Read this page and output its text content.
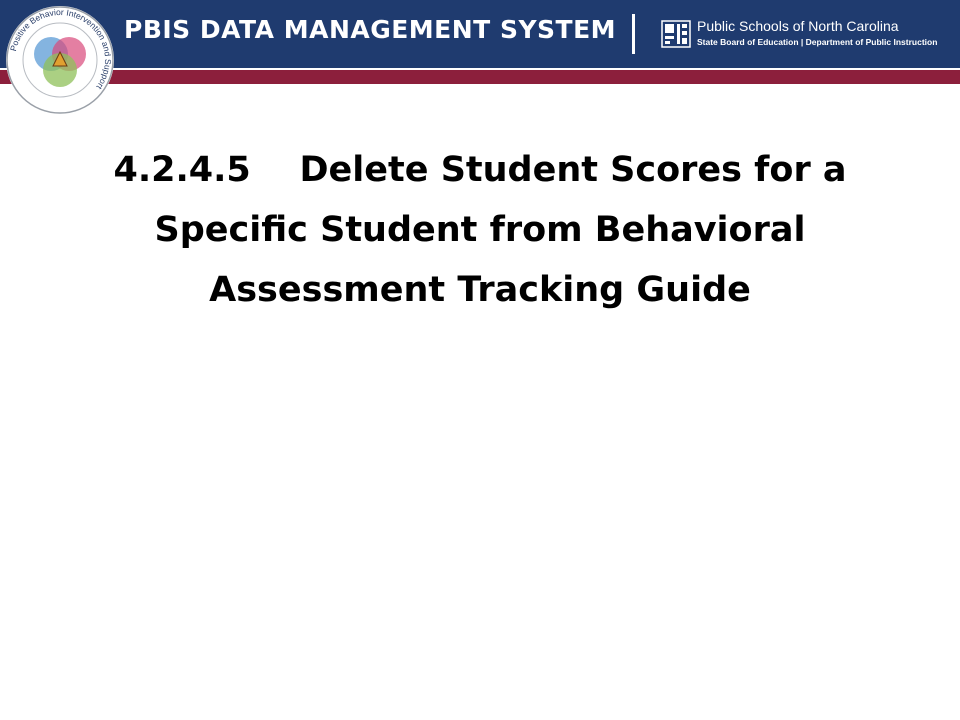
Positive Behavior Intervention and Support
PBIS DATA MANAGEMENT SYSTEM	Public Schools of North Carolina
State Board of Education | Department of Public Instruction
4.2.4.5    Delete Student Scores for a
Specific Student from Behavioral
Assessment Tracking Guide
